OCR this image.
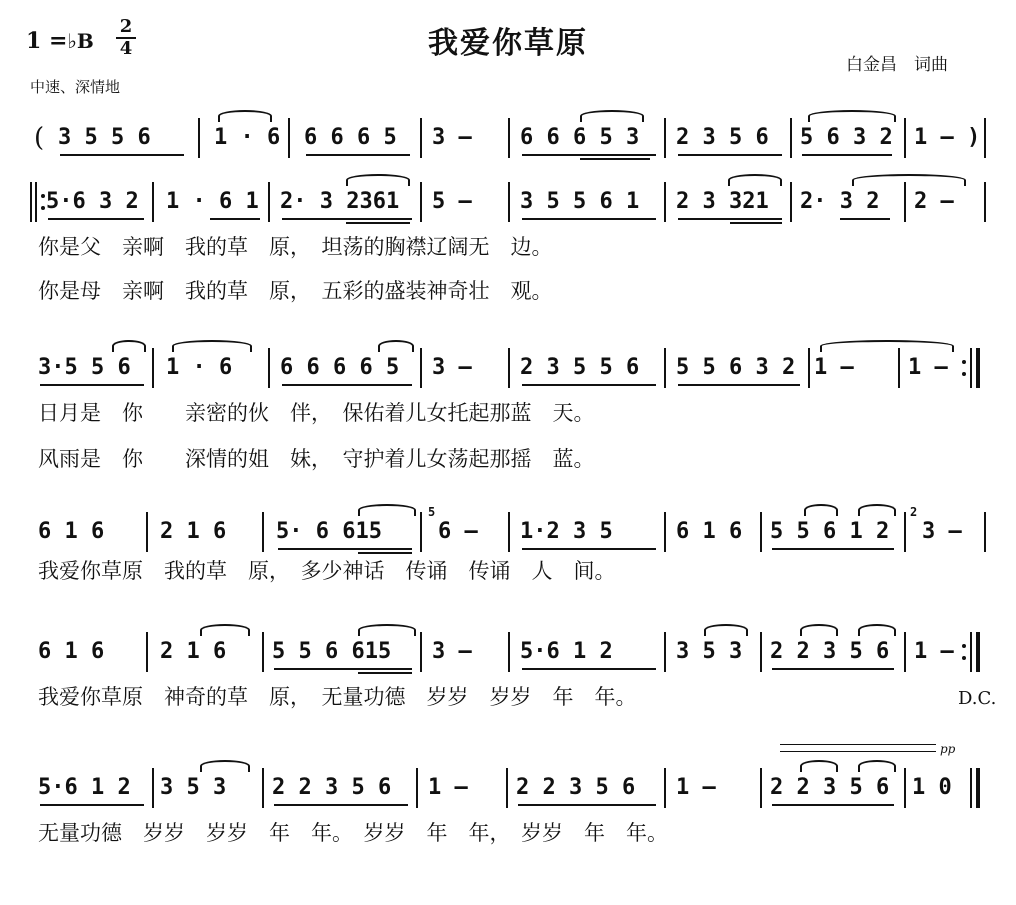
1 =♭B
2
4	我爱你草原
白金昌　词曲
中速、深情地
( 3 5 5 6	1 · 6 6 6 6 5	3 –	6 6 6 5 3	2 3 5 6	5 6 3 2 1 – )
5·6 3 2	1 · 6 1 2· 3 2361	5 –	3 5 5 6 1	2 3 321	2· 3 2	2 –
你是父　亲啊　我的草　原，　坦荡的胸襟辽阔无　边。
你是母　亲啊　我的草　原，　五彩的盛装神奇壮　观。
3·5 5 6	1 · 6	6 6 6 6 5	3 –	2 3 5 5 6	5 5 6 3 2 1 –	1 –
日月是　你　　亲密的伙　伴，　保佑着儿女托起那蓝　天。
风雨是　你　　深情的姐　妹，　守护着儿女荡起那摇　蓝。
6 1 6	2 1 6	5· 6 615
5
6 –	1·2 3 5	6 1 6	5 5 6 1 2
2
3 –
我爱你草原　我的草　原，　多少神话　传诵　传诵　人　间。
6 1 6	2 1 6	5 5 6 615	3 –	5·6 1 2	3 5 3	2 2 3 5 6	1 –
我爱你草原　神奇的草　原，　无量功德　岁岁　岁岁　年　年。	D.C.
pp
5·6 1 2	3 5 3	2 2 3 5 6	1 –	2 2 3 5 6	1 –	2 2 3 5 6	1 0
无量功德　岁岁　岁岁　年　年。　岁岁　年　年，　岁岁　年　年。
